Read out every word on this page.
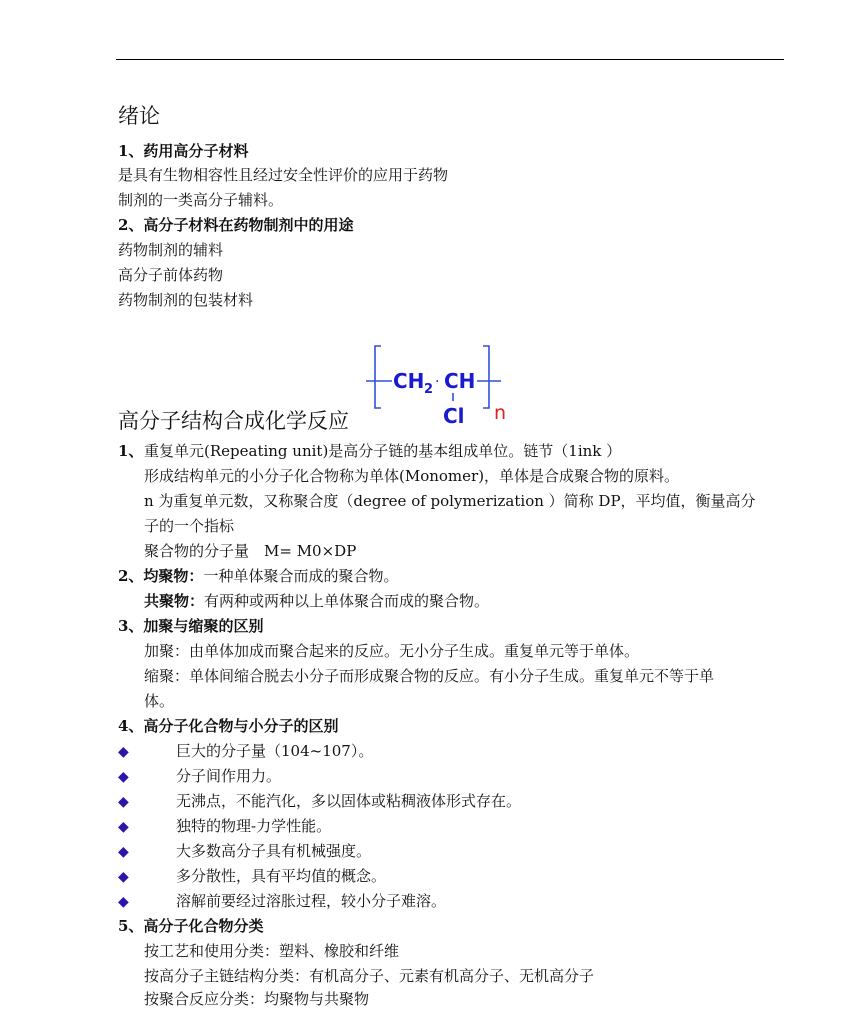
绪论
1、药用高分子材料
是具有生物相容性且经过安全性评价的应用于药物
制剂的一类高分子辅料。
2、高分子材料在药物制剂中的用途
药物制剂的辅料
高分子前体药物
药物制剂的包装材料
CH 2 · CH
Cl n
高分子结构合成化学反应
1、 重复单元(Repeating unit)是高分子链的基本组成单位。链节（1ink ）
形成结构单元的小分子化合物称为单体(Monomer)，单体是合成聚合物的原料。
n 为重复单元数，又称聚合度（degree of polymerization ）简称 DP，平均值，衡量高分
子的一个指标
聚合物的分子量　M= M0×DP
2、均聚物：一种单体聚合而成的聚合物。
共聚物：有两种或两种以上单体聚合而成的聚合物。
3、加聚与缩聚的区别
加聚：由单体加成而聚合起来的反应。无小分子生成。重复单元等于单体。
缩聚：单体间缩合脱去小分子而形成聚合物的反应。有小分子生成。重复单元不等于单
体。
4、高分子化合物与小分子的区别
◆	巨大的分子量（104~107）。
◆	分子间作用力。
◆	无沸点，不能汽化，多以固体或粘稠液体形式存在。
◆	独特的物理-力学性能。
◆	大多数高分子具有机械强度。
◆	多分散性，具有平均值的概念。
◆	溶解前要经过溶胀过程，较小分子难溶。
5、高分子化合物分类
按工艺和使用分类：塑料、橡胶和纤维
按高分子主链结构分类：有机高分子、元素有机高分子、无机高分子
按聚合反应分类：均聚物与共聚物
